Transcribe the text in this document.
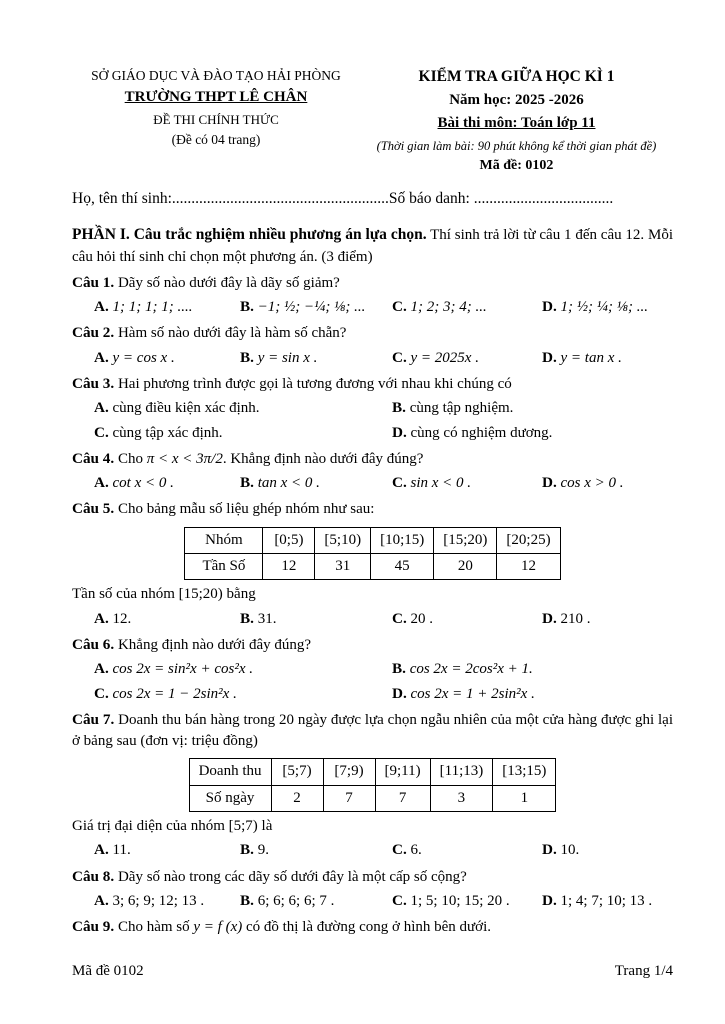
SỞ GIÁO DỤC VÀ ĐÀO TẠO HẢI PHÒNG
TRƯỜNG THPT LÊ CHÂN
ĐỀ THI CHÍNH THỨC
(Đề có 04 trang)
KIỂM TRA GIỮA HỌC KÌ 1
Năm học: 2025 -2026
Bài thi môn: Toán lớp 11
(Thời gian làm bài: 90 phút không kể thời gian phát đề)
Mã đề: 0102
Họ, tên thí sinh:........................................................Số báo danh: ....................................

PHẦN I. Câu trắc nghiệm nhiều phương án lựa chọn. Thí sinh trả lời từ câu 1 đến câu 12. Mỗi câu hỏi thí sinh chỉ chọn một phương án. (3 điểm)

Câu 1. Dãy số nào dưới đây là dãy số giảm?

A. 1; 1; 1; 1; ....	B. −1; ½; −¼; ⅛; ...	C. 1; 2; 3; 4; ...	D. 1; ½; ¼; ⅛; ...

Câu 2. Hàm số nào dưới đây là hàm số chẵn?

A. y = cos x .	B. y = sin x .	C. y = 2025x .	D. y = tan x .

Câu 3. Hai phương trình được gọi là tương đương với nhau khi chúng có

A. cùng điều kiện xác định.	B. cùng tập nghiệm.
C. cùng tập xác định.	D. cùng có nghiệm dương.

Câu 4. Cho π < x < 3π/2. Khẳng định nào dưới đây đúng?

A. cot x < 0 .	B. tan x < 0 .	C. sin x < 0 .	D. cos x > 0 .

Câu 5. Cho bảng mẫu số liệu ghép nhóm như sau:

Nhóm	[0;5)	[5;10)	[10;15)	[15;20)	[20;25)
Tần Số	12	31	45	20	12

Tần số của nhóm [15;20) bằng

A. 12.	B. 31.	C. 20 .	D. 210 .

Câu 6. Khẳng định nào dưới đây đúng?

A. cos 2x = sin²x + cos²x .	B. cos 2x = 2cos²x + 1.
C. cos 2x = 1 − 2sin²x .	D. cos 2x = 1 + 2sin²x .

Câu 7. Doanh thu bán hàng trong 20 ngày được lựa chọn ngẫu nhiên của một cửa hàng được ghi lại ở bảng sau (đơn vị: triệu đồng)

Doanh thu	[5;7)	[7;9)	[9;11)	[11;13)	[13;15)
Số ngày	2	7	7	3	1

Giá trị đại diện của nhóm [5;7) là

A. 11.	B. 9.	C. 6.	D. 10.

Câu 8. Dãy số nào trong các dãy số dưới đây là một cấp số cộng?

A. 3; 6; 9; 12; 13 .	B. 6; 6; 6; 6; 7 .	C. 1; 5; 10; 15; 20 .	D. 1; 4; 7; 10; 13 .

Câu 9. Cho hàm số y = f (x) có đồ thị là đường cong ở hình bên dưới.

Mã đề 0102	Trang 1/4
